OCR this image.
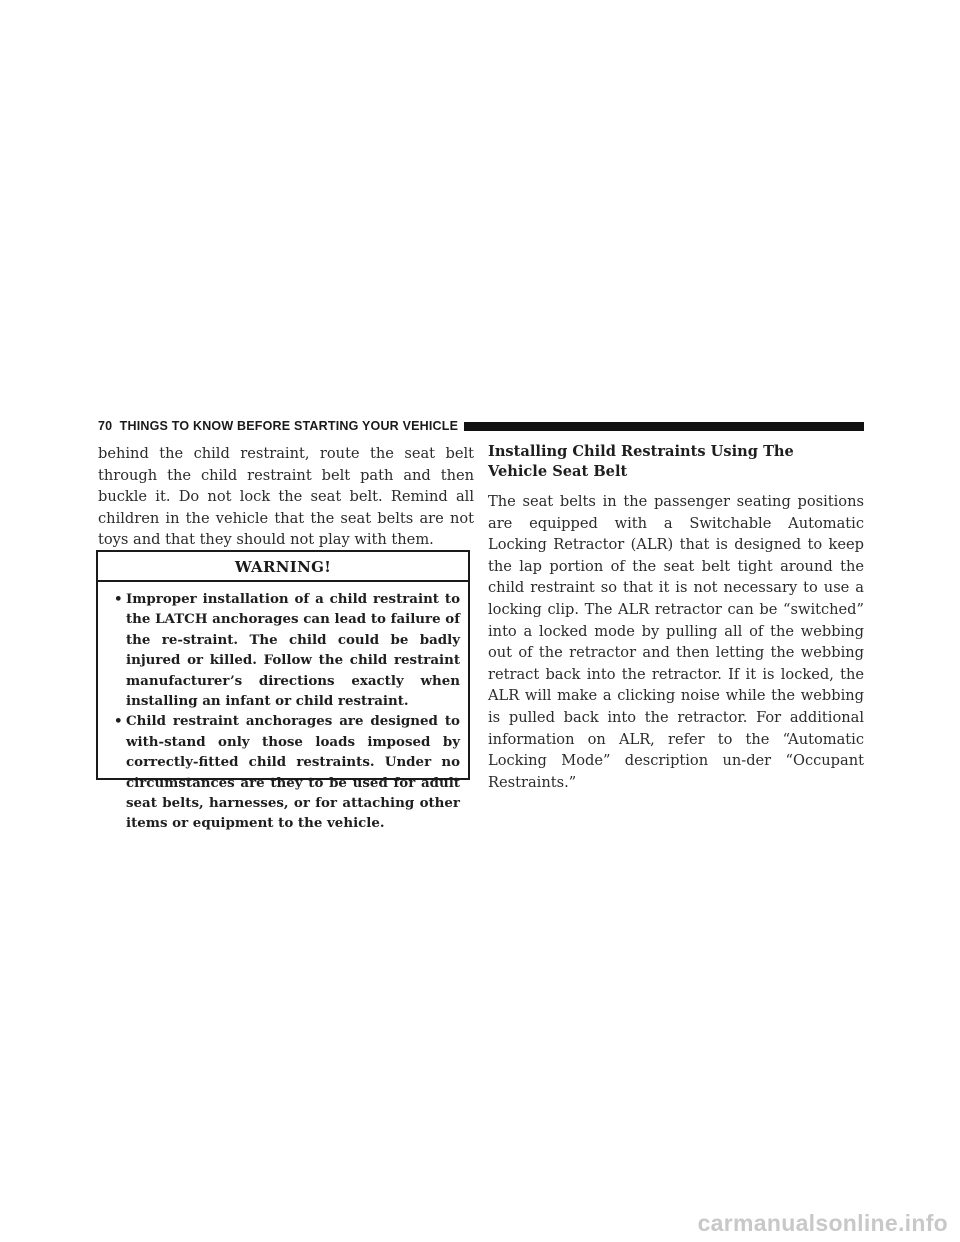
70 THINGS TO KNOW BEFORE STARTING YOUR VEHICLE

behind the child restraint, route the seat belt through the child restraint belt path and then buckle it. Do not lock the seat belt. Remind all children in the vehicle that the seat belts are not toys and that they should not play with them.

WARNING!
• Improper installation of a child restraint to the LATCH anchorages can lead to failure of the re-straint. The child could be badly injured or killed. Follow the child restraint manufacturer’s directions exactly when installing an infant or child restraint.
• Child restraint anchorages are designed to with-stand only those loads imposed by correctly-fitted child restraints. Under no circumstances are they to be used for adult seat belts, harnesses, or for attaching other items or equipment to the vehicle.
Installing Child Restraints Using The Vehicle Seat Belt

The seat belts in the passenger seating positions are equipped with a Switchable Automatic Locking Retractor (ALR) that is designed to keep the lap portion of the seat belt tight around the child restraint so that it is not necessary to use a locking clip. The ALR retractor can be “switched” into a locked mode by pulling all of the webbing out of the retractor and then letting the webbing retract back into the retractor. If it is locked, the ALR will make a clicking noise while the webbing is pulled back into the retractor. For additional information on ALR, refer to the “Automatic Locking Mode” description un-der “Occupant Restraints.”

carmanualsonline.info
